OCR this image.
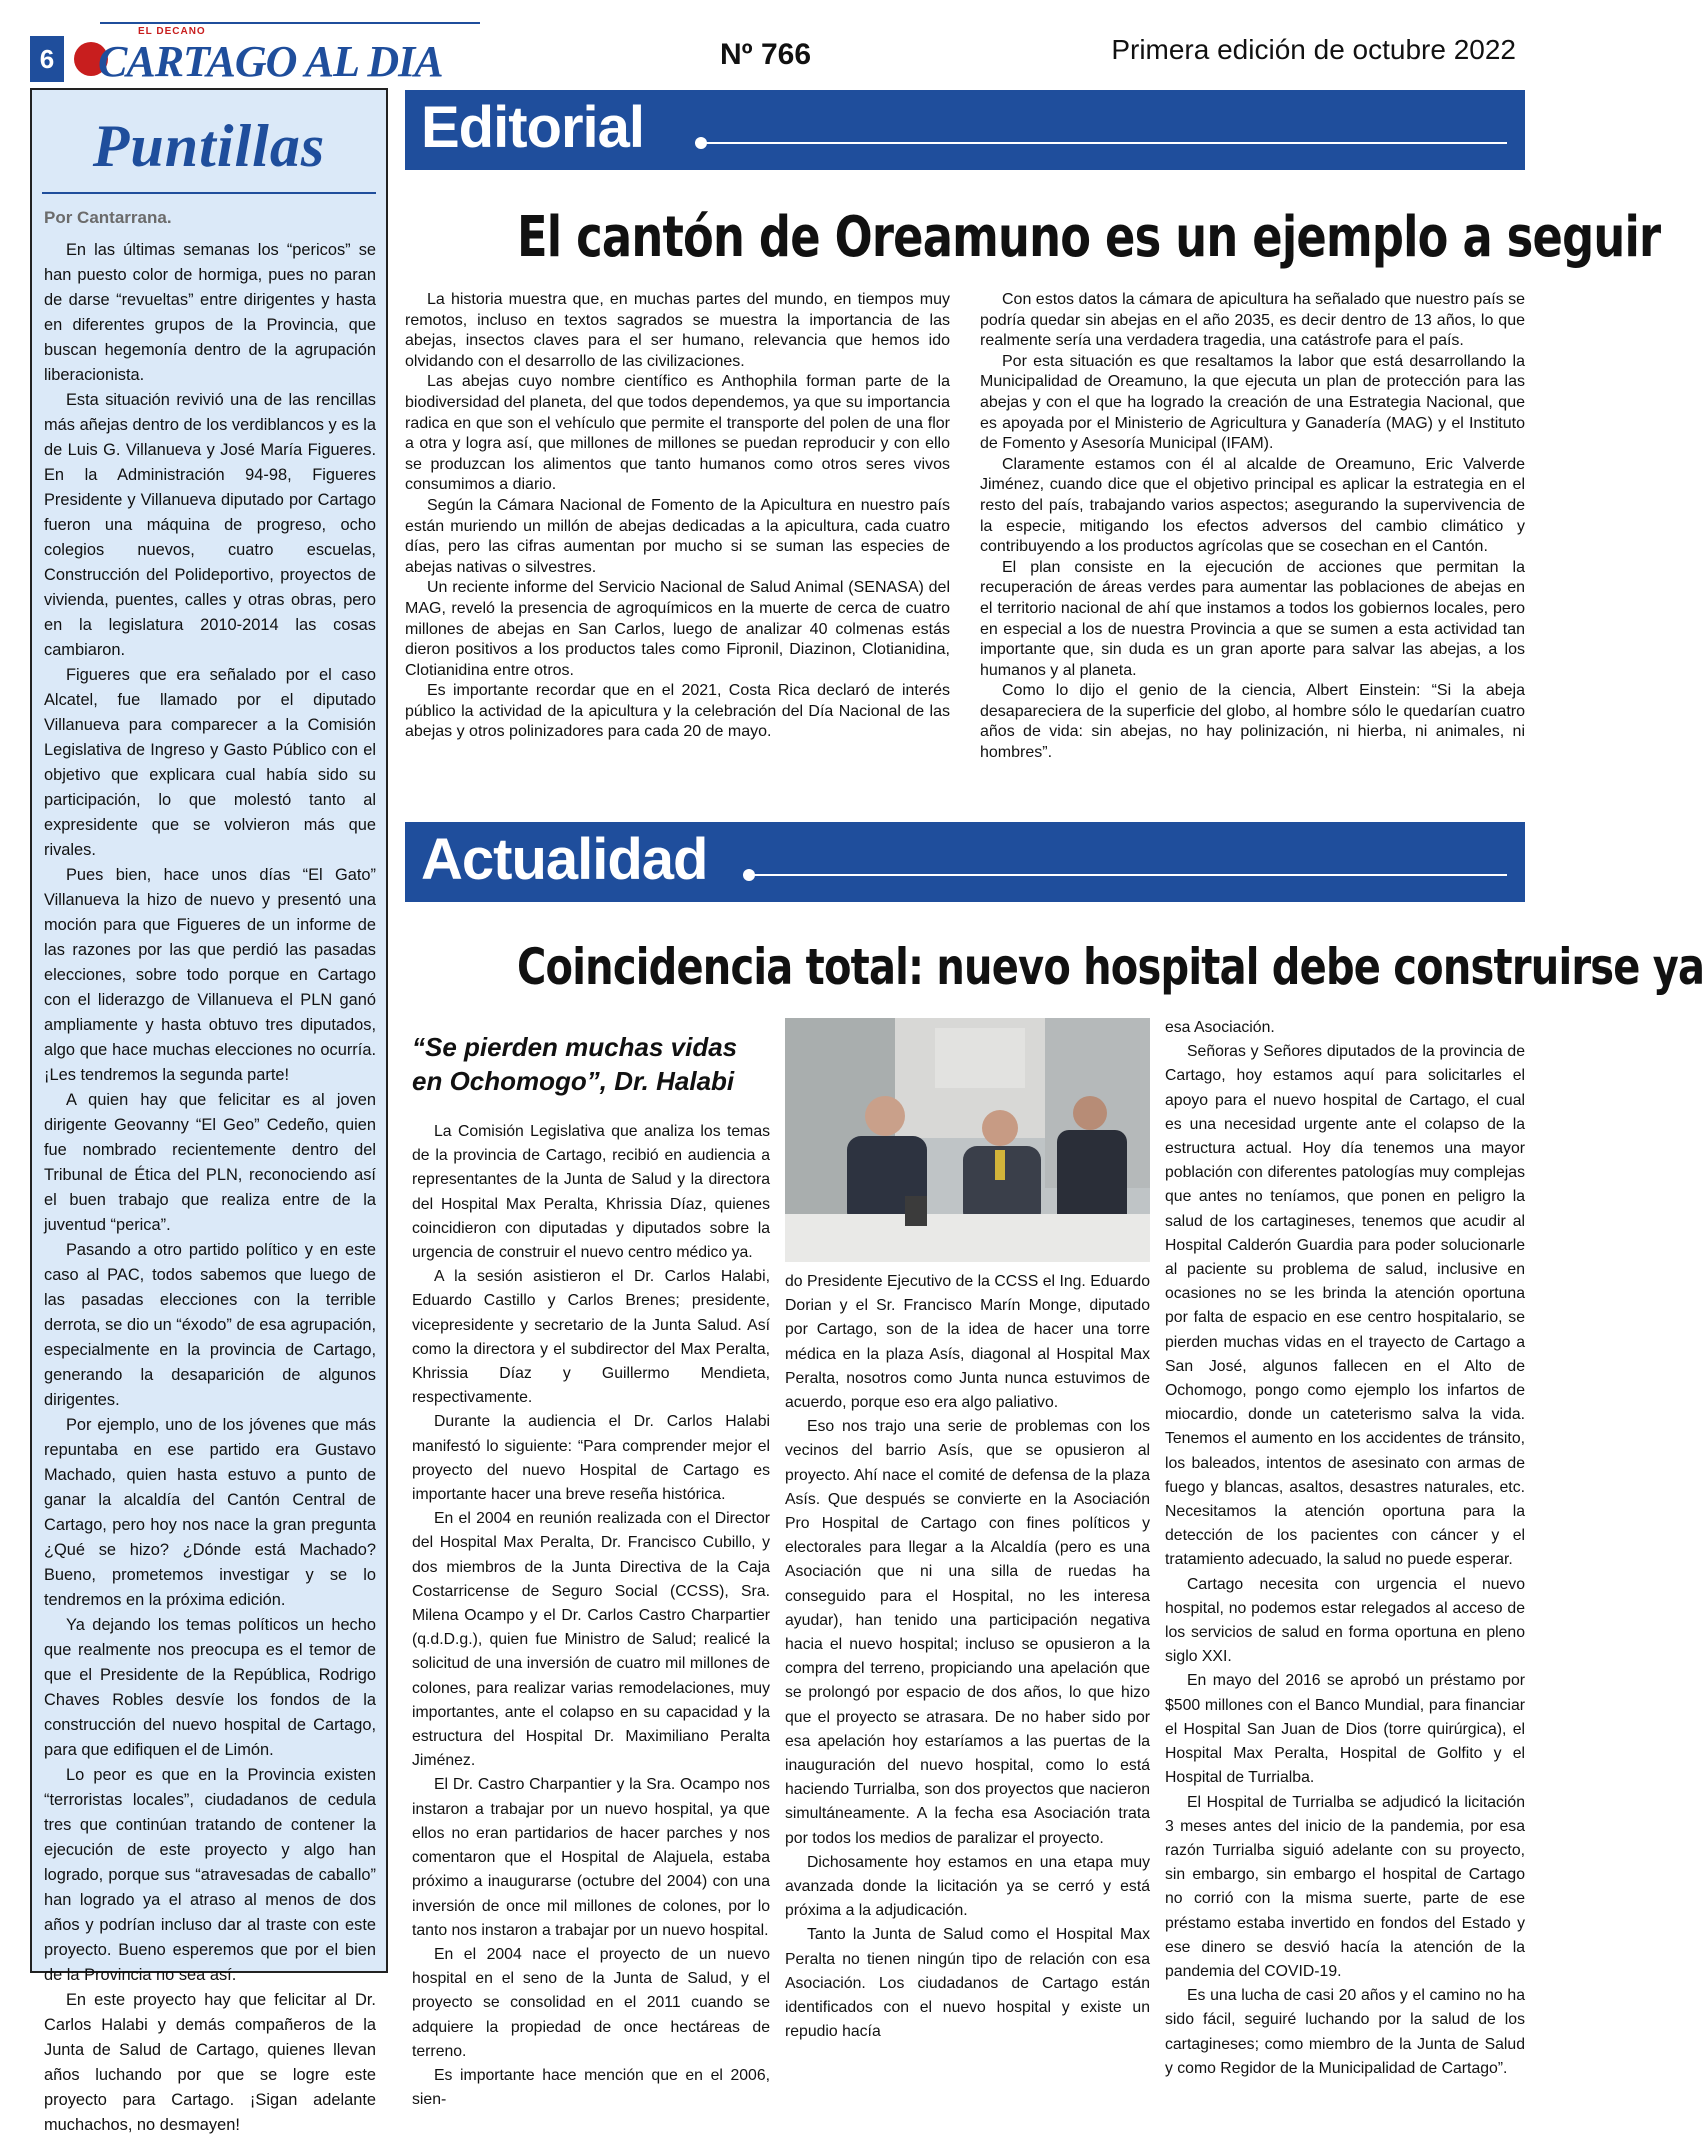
6
EL DECANO
CARTAGO AL DIA	Nº 766	Primera edición de octubre 2022
Puntillas
Por Cantarrana.

En las últimas semanas los “pericos” se han puesto color de hormiga, pues no paran de darse “revueltas” entre dirigentes y hasta en diferentes grupos de la Provincia, que buscan hegemonía dentro de la agrupación liberacionista.

Esta situación revivió una de las rencillas más añejas dentro de los verdiblancos y es la de Luis G. Villanueva y José María Figueres. En la Administración 94-98, Figueres Presidente y Villanueva diputado por Cartago fueron una máquina de progreso, ocho colegios nuevos, cuatro escuelas, Construcción del Polideportivo, proyectos de vivienda, puentes, calles y otras obras, pero en la legislatura 2010-2014 las cosas cambiaron.

Figueres que era señalado por el caso Alcatel, fue llamado por el diputado Villanueva para comparecer a la Comisión Legislativa de Ingreso y Gasto Público con el objetivo que explicara cual había sido su participación, lo que molestó tanto al expresidente que se volvieron más que rivales.

Pues bien, hace unos días “El Gato” Villanueva la hizo de nuevo y presentó una moción para que Figueres de un informe de las razones por las que perdió las pasadas elecciones, sobre todo porque en Cartago con el liderazgo de Villanueva el PLN ganó ampliamente y hasta obtuvo tres diputados, algo que hace muchas elecciones no ocurría. ¡Les tendremos la segunda parte!

A quien hay que felicitar es al joven dirigente Geovanny “El Geo” Cedeño, quien fue nombrado recientemente dentro del Tribunal de Ética del PLN, reconociendo así el buen trabajo que realiza entre de la juventud “perica”.

Pasando a otro partido político y en este caso al PAC, todos sabemos que luego de las pasadas elecciones con la terrible derrota, se dio un “éxodo” de esa agrupación, especialmente en la provincia de Cartago, generando la desaparición de algunos dirigentes.

Por ejemplo, uno de los jóvenes que más repuntaba en ese partido era Gustavo Machado, quien hasta estuvo a punto de ganar la alcaldía del Cantón Central de Cartago, pero hoy nos nace la gran pregunta ¿Qué se hizo? ¿Dónde está Machado? Bueno, prometemos investigar y se lo tendremos en la próxima edición.

Ya dejando los temas políticos un hecho que realmente nos preocupa es el temor de que el Presidente de la República, Rodrigo Chaves Robles desvíe los fondos de la construcción del nuevo hospital de Cartago, para que edifiquen el de Limón.

Lo peor es que en la Provincia existen “terroristas locales”, ciudadanos de cedula tres que continúan tratando de contener la ejecución de este proyecto y algo han logrado, porque sus “atravesadas de caballo” han logrado ya el atraso al menos de dos años y podrían incluso dar al traste con este proyecto. Bueno esperemos que por el bien de la Provincia no sea así.

En este proyecto hay que felicitar al Dr. Carlos Halabi y demás compañeros de la Junta de Salud de Cartago, quienes llevan años luchando por que se logre este proyecto para Cartago. ¡Sigan adelante muchachos, no desmayen!

Editorial
El cantón de Oreamuno es un ejemplo a seguir

La historia muestra que, en muchas partes del mundo, en tiempos muy remotos, incluso en textos sagrados se muestra la importancia de las abejas, insectos claves para el ser humano, relevancia que hemos ido olvidando con el desarrollo de las civilizaciones.

Las abejas cuyo nombre científico es Anthophila forman parte de la biodiversidad del planeta, del que todos dependemos, ya que su importancia radica en que son el vehículo que permite el transporte del polen de una flor a otra y logra así, que millones de millones se puedan reproducir y con ello se produzcan los alimentos que tanto humanos como otros seres vivos consumimos a diario.

Según la Cámara Nacional de Fomento de la Apicultura en nuestro país están muriendo un millón de abejas dedicadas a la apicultura, cada cuatro días, pero las cifras aumentan por mucho si se suman las especies de abejas nativas o silvestres.

Un reciente informe del Servicio Nacional de Salud Animal (SENASA) del MAG, reveló la presencia de agroquímicos en la muerte de cerca de cuatro millones de abejas en San Carlos, luego de analizar 40 colmenas estás dieron positivos a los productos tales como Fipronil, Diazinon, Clotianidina, Clotianidina entre otros.

Es importante recordar que en el 2021, Costa Rica declaró de interés público la actividad de la apicultura y la celebración del Día Nacional de las abejas y otros polinizadores para cada 20 de mayo.

Con estos datos la cámara de apicultura ha señalado que nuestro país se podría quedar sin abejas en el año 2035, es decir dentro de 13 años, lo que realmente sería una verdadera tragedia, una catástrofe para el país.

Por esta situación es que resaltamos la labor que está desarrollando la Municipalidad de Oreamuno, la que ejecuta un plan de protección para las abejas y con el que ha logrado la creación de una Estrategia Nacional, que es apoyada por el Ministerio de Agricultura y Ganadería (MAG) y el Instituto de Fomento y Asesoría Municipal (IFAM).

Claramente estamos con él al alcalde de Oreamuno, Eric Valverde Jiménez, cuando dice que el objetivo principal es aplicar la estrategia en el resto del país, trabajando varios aspectos; asegurando la supervivencia de la especie, mitigando los efectos adversos del cambio climático y contribuyendo a los productos agrícolas que se cosechan en el Cantón.

El plan consiste en la ejecución de acciones que permitan la recuperación de áreas verdes para aumentar las poblaciones de abejas en el territorio nacional de ahí que instamos a todos los gobiernos locales, pero en especial a los de nuestra Provincia a que se sumen a esta actividad tan importante que, sin duda es un gran aporte para salvar las abejas, a los humanos y al planeta.

Como lo dijo el genio de la ciencia, Albert Einstein: “Si la abeja desapareciera de la superficie del globo, al hombre sólo le quedarían cuatro años de vida: sin abejas, no hay polinización, ni hierba, ni animales, ni hombres”.

Actualidad
Coincidencia total: nuevo hospital debe construirse ya
“Se pierden muchas vidas en Ochomogo”, Dr. Halabi

La Comisión Legislativa que analiza los temas de la provincia de Cartago, recibió en audiencia a representantes de la Junta de Salud y la directora del Hospital Max Peralta, Khrissia Díaz, quienes coincidieron con diputadas y diputados sobre la urgencia de construir el nuevo centro médico ya.

A la sesión asistieron el Dr. Carlos Halabi, Eduardo Castillo y Carlos Brenes; presidente, vicepresidente y secretario de la Junta Salud. Así como la directora y el subdirector del Max Peralta, Khrissia Díaz y Guillermo Mendieta, respectivamente.

Durante la audiencia el Dr. Carlos Halabi manifestó lo siguiente: “Para comprender mejor el proyecto del nuevo Hospital de Cartago es importante hacer una breve reseña histórica.

En el 2004 en reunión realizada con el Director del Hospital Max Peralta, Dr. Francisco Cubillo, y dos miembros de la Junta Directiva de la Caja Costarricense de Seguro Social (CCSS), Sra. Milena Ocampo y el Dr. Carlos Castro Charpartier (q.d.D.g.), quien fue Ministro de Salud; realicé la solicitud de una inversión de cuatro mil millones de colones, para realizar varias remodelaciones, muy importantes, ante el colapso en su capacidad y la estructura del Hospital Dr. Maximiliano Peralta Jiménez.

El Dr. Castro Charpantier y la Sra. Ocampo nos instaron a trabajar por un nuevo hospital, ya que ellos no eran partidarios de hacer parches y nos comentaron que el Hospital de Alajuela, estaba próximo a inaugurarse (octubre del 2004) con una inversión de once mil millones de colones, por lo tanto nos instaron a trabajar por un nuevo hospital.

En el 2004 nace el proyecto de un nuevo hospital en el seno de la Junta de Salud, y el proyecto se consolidad en el 2011 cuando se adquiere la propiedad de once hectáreas de terreno.

Es importante hace mención que en el 2006, sien-

do Presidente Ejecutivo de la CCSS el Ing. Eduardo Dorian y el Sr. Francisco Marín Monge, diputado por Cartago, son de la idea de hacer una torre médica en la plaza Asís, diagonal al Hospital Max Peralta, nosotros como Junta nunca estuvimos de acuerdo, porque eso era algo paliativo.

Eso nos trajo una serie de problemas con los vecinos del barrio Asís, que se opusieron al proyecto. Ahí nace el comité de defensa de la plaza Asís. Que después se convierte en la Asociación Pro Hospital de Cartago con fines políticos y electorales para llegar a la Alcaldía (pero es una Asociación que ni una silla de ruedas ha conseguido para el Hospital, no les interesa ayudar), han tenido una participación negativa hacia el nuevo hospital; incluso se opusieron a la compra del terreno, propiciando una apelación que se prolongó por espacio de dos años, lo que hizo que el proyecto se atrasara. De no haber sido por esa apelación hoy estaríamos a las puertas de la inauguración del nuevo hospital, como lo está haciendo Turrialba, son dos proyectos que nacieron simultáneamente. A la fecha esa Asociación trata por todos los medios de paralizar el proyecto.

Dichosamente hoy estamos en una etapa muy avanzada donde la licitación ya se cerró y está próxima a la adjudicación.

Tanto la Junta de Salud como el Hospital Max Peralta no tienen ningún tipo de relación con esa Asociación. Los ciudadanos de Cartago están identificados con el nuevo hospital y existe un repudio hacía

esa Asociación.

Señoras y Señores diputados de la provincia de Cartago, hoy estamos aquí para solicitarles el apoyo para el nuevo hospital de Cartago, el cual es una necesidad urgente ante el colapso de la estructura actual. Hoy día tenemos una mayor población con diferentes patologías muy complejas que antes no teníamos, que ponen en peligro la salud de los cartagineses, tenemos que acudir al Hospital Calderón Guardia para poder solucionarle al paciente su problema de salud, inclusive en ocasiones no se les brinda la atención oportuna por falta de espacio en ese centro hospitalario, se pierden muchas vidas en el trayecto de Cartago a San José, algunos fallecen en el Alto de Ochomogo, pongo como ejemplo los infartos de miocardio, donde un cateterismo salva la vida. Tenemos el aumento en los accidentes de tránsito, los baleados, intentos de asesinato con armas de fuego y blancas, asaltos, desastres naturales, etc. Necesitamos la atención oportuna para la detección de los pacientes con cáncer y el tratamiento adecuado, la salud no puede esperar.

Cartago necesita con urgencia el nuevo hospital, no podemos estar relegados al acceso de los servicios de salud en forma oportuna en pleno siglo XXI.

En mayo del 2016 se aprobó un préstamo por $500 millones con el Banco Mundial, para financiar el Hospital San Juan de Dios (torre quirúrgica), el Hospital Max Peralta, Hospital de Golfito y el Hospital de Turrialba.

El Hospital de Turrialba se adjudicó la licitación 3 meses antes del inicio de la pandemia, por esa razón Turrialba siguió adelante con su proyecto, sin embargo, sin embargo el hospital de Cartago no corrió con la misma suerte, parte de ese préstamo estaba invertido en fondos del Estado y ese dinero se desvió hacía la atención de la pandemia del COVID-19.

Es una lucha de casi 20 años y el camino no ha sido fácil, seguiré luchando por la salud de los cartagineses; como miembro de la Junta de Salud y como Regidor de la Municipalidad de Cartago”.
